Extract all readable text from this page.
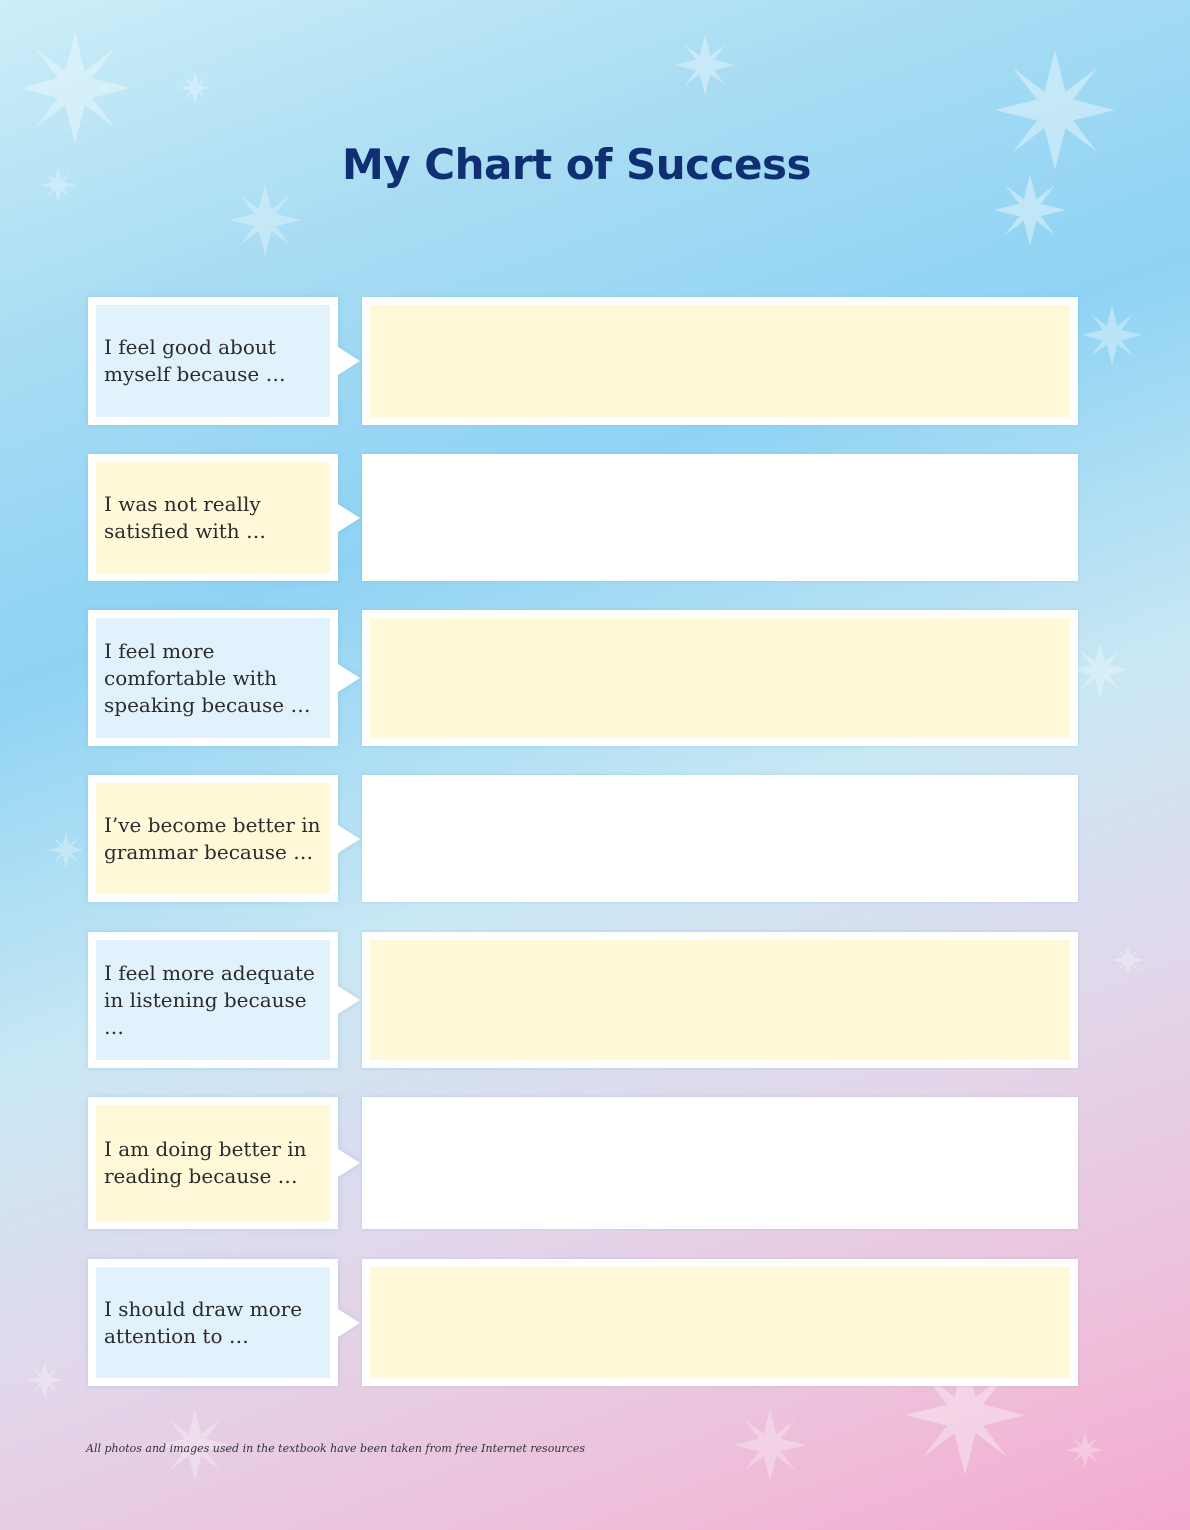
My Chart of Success
I feel good about myself because …
I was not really satisfied with …
I feel more comfortable with speaking because …
I’ve become better in grammar because …
I feel more adequate in listening because …
I am doing better in reading because …
I should draw more attention to …
All photos and images used in the textbook have been taken from free Internet resources
